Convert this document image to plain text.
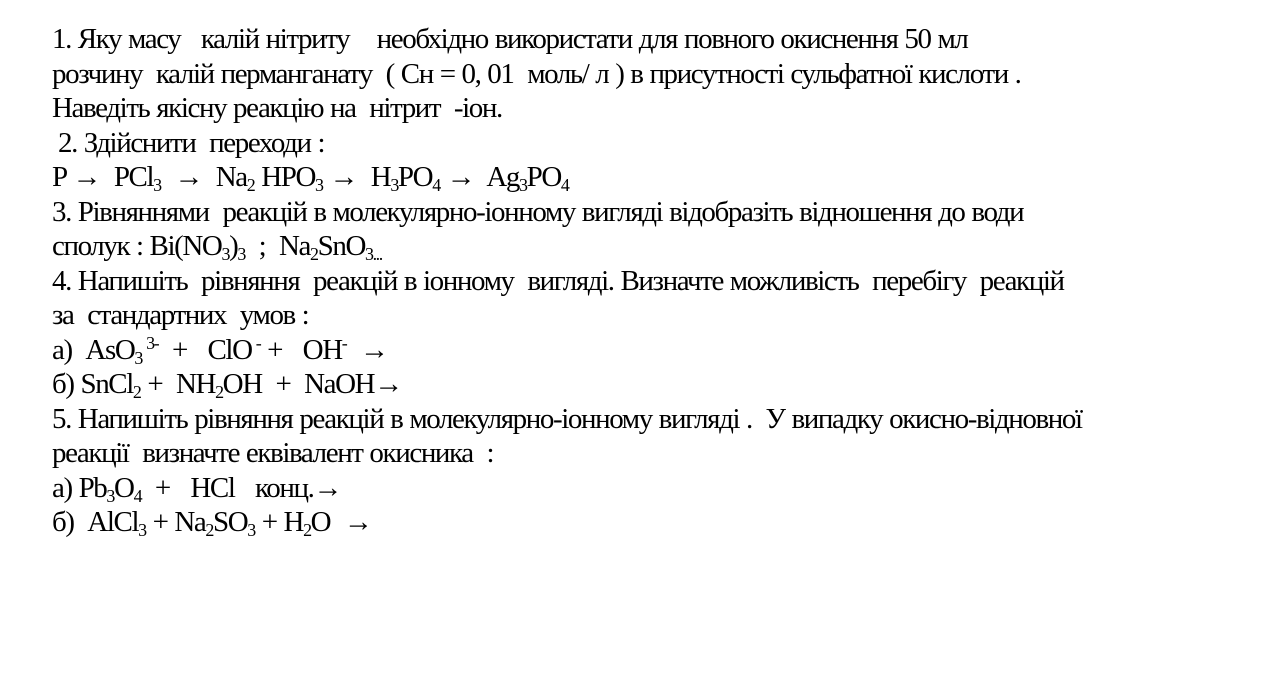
1. Яку масу   калій нітриту    необхідно використати для повного окиснення 50 мл
розчину  калій перманганату  ( Сн = 0, 01  моль/ л ) в присутності сульфатної кислоти .
Наведіть якісну реакцію на  нітрит  -іон.
2. Здійснити  переходи :
$P \to PCl_3 \to Na_2$ $HPO_3 \to H_3PO_4 \to Ag_3PO_4$
3. Рівняннями  реакцій в молекулярно-іонному вигляді відобразіть відношення до води
сполук : $Bi(NO_3)_3$  ;  $Na_2SnO_{3...}$
4. Напишіть  рівняння  реакцій в іонному  вигляді. Визначте можливість  перебігу  реакцій
за  стандартних  умов :
а)  AsO$_3$ $^{3-}$  +   ClO - +   OH-  →
б) SnCl$_2$ +  $NH_2OH$  +  NaOH→
5. Напишіть рівняння реакцій в молекулярно-іонному вигляді .  У випадку окисно-відновної
реакції  визначте еквівалент окисника  :
а) $Pb_3O_4$  +   HCl   конц.→
б)  AlCl$_3$ + $Na_2SO_3 + H_2O$  →
